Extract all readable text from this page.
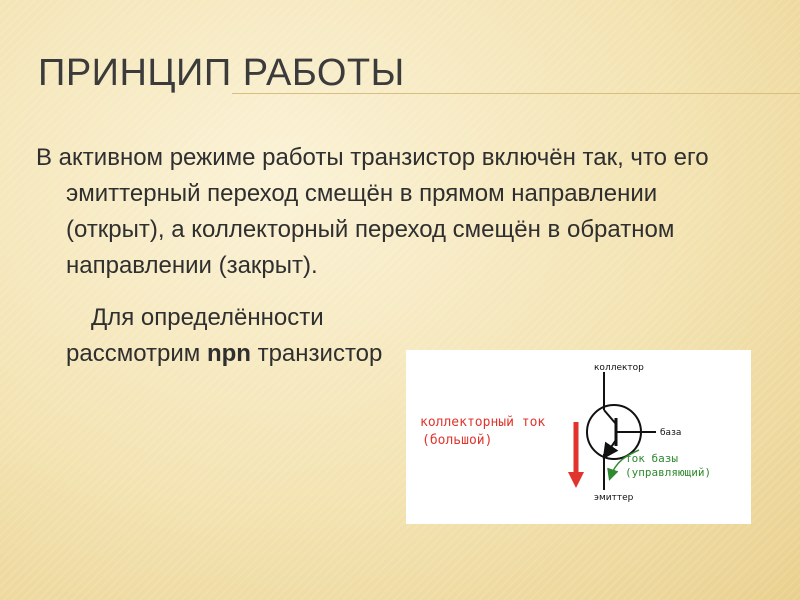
ПРИНЦИП РАБОТЫ

В активном режиме работы транзистор включён так, что его эмиттерный переход смещён в прямом направлении (открыт), а коллекторный переход смещён в обратном направлении (закрыт).

Для определённости рассмотрим npn транзистор

коллектор
база
эмиттер
коллекторный ток
(большой)
ток базы
(управляющий)
